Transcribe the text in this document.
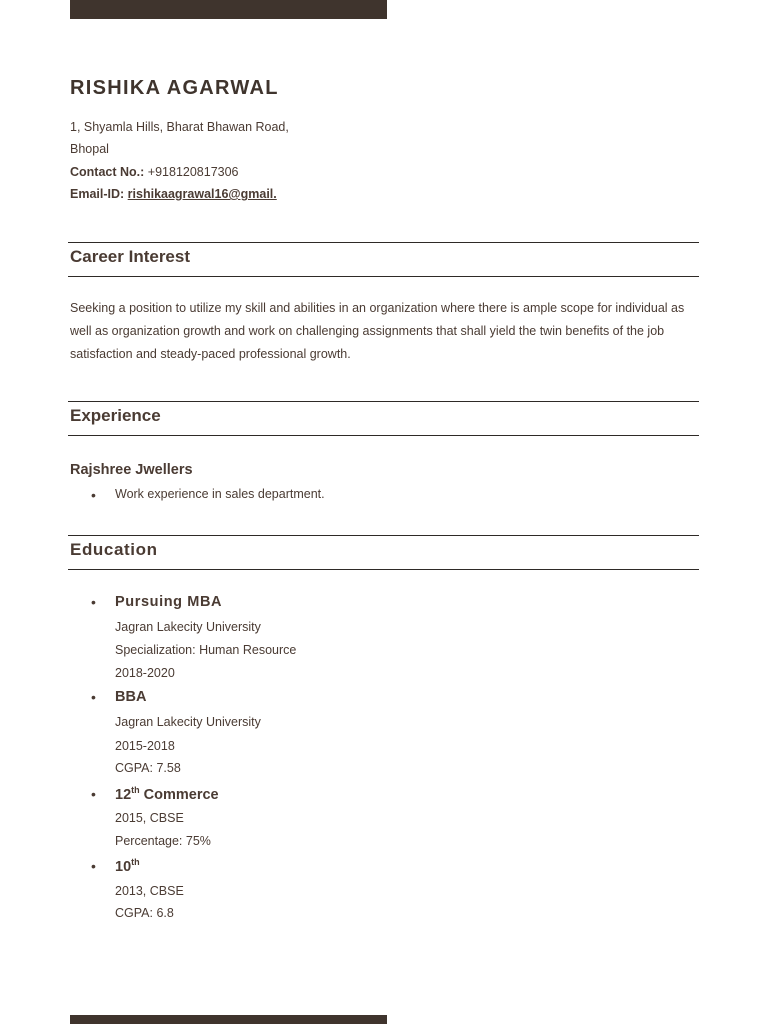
RISHIKA AGARWAL
1, Shyamla Hills, Bharat Bhawan Road,
Bhopal
Contact No.: +918120817306
Email-ID: rishikaagrawal16@gmail.
Career Interest
Seeking a position to utilize my skill and abilities in an organization where there is ample scope for individual as well as organization growth and work on challenging assignments that shall yield the twin benefits of the job satisfaction and steady-paced professional growth.
Experience
Rajshree Jwellers
• Work experience in sales department.
Education
• Pursuing MBA
Jagran Lakecity University
Specialization: Human Resource
2018-2020
• BBA
Jagran Lakecity University
2015-2018
CGPA: 7.58
• 12th Commerce
2015, CBSE
Percentage: 75%
• 10th
2013, CBSE
CGPA: 6.8
